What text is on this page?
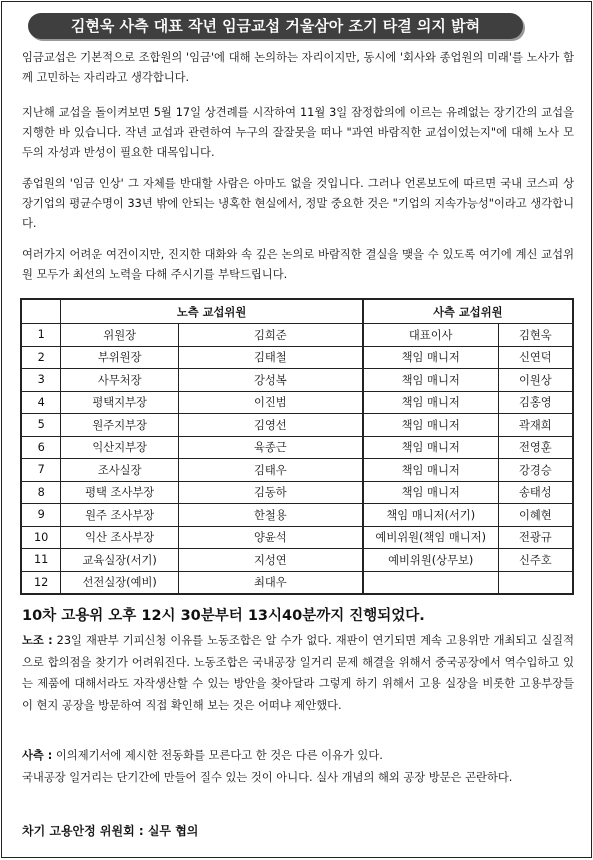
김현욱 사측 대표 작년 임금교섭 거울삼아 조기 타결 의지 밝혀
임금교섭은 기본적으로 조합원의 '임금'에 대해 논의하는 자리이지만, 동시에 '회사와 종업원의 미래'를 노사가 함께 고민하는 자리라고 생각합니다.
지난해 교섭을 돌이켜보면 5월 17일 상견례를 시작하여 11월 3일 잠정합의에 이르는 유례없는 장기간의 교섭을 지행한 바 있습니다. 작년 교섭과 관련하여 누구의 잘잘못을 떠나 "과연 바람직한 교섭이었는지"에 대해 노사 모두의 자성과 반성이 필요한 대목입니다.
종업원의 '임금 인상' 그 자체를 반대할 사람은 아마도 없을 것입니다. 그러나 언론보도에 따르면 국내 코스피 상장기업의 평균수명이 33년 밖에 안되는 냉혹한 현실에서, 정말 중요한 것은 "기업의 지속가능성"이라고 생각합니다.
여러가지 어려운 여건이지만, 진지한 대화와 속 깊은 논의로 바람직한 결실을 맺을 수 있도록 여기에 계신 교섭위원 모두가 최선의 노력을 다해 주시기를 부탁드립니다.
	노측 교섭위원		사측 교섭위원	
1	위원장	김희준	대표이사	김현욱
2	부위원장	김태철	책임 매니저	신연덕
3	사무처장	강성복	책임 매니저	이원상
4	평택지부장	이진범	책임 매니저	김홍영
5	원주지부장	김영선	책임 매니저	곽재희
6	익산지부장	육종근	책임 매니저	전영훈
7	조사실장	김태우	책임 매니저	강경승
8	평택 조사부장	김동하	책임 매니저	송태성
9	원주 조사부장	한철용	책임 매니저(서기)	이혜현
10	익산 조사부장	양윤석	예비위원(책임 매니저)	전광규
11	교육실장(서기)	지성연	예비위원(상무보)	신주호
12	선전실장(예비)	최대우		
10차 고용위 오후 12시 30분부터 13시40분까지 진행되었다.
노조 : 23일 재판부 기피신청 이유를 노동조합은 알 수가 없다. 재판이 연기되면 계속 고용위만 개최되고 실질적으로 합의점을 찾기가 어려워진다. 노동조합은 국내공장 일거리 문제 해결을 위해서 중국공장에서 역수입하고 있는 제품에 대해서라도 자작생산할 수 있는 방안을 찾아달라 그렇게 하기 위해서 고용 실장을 비롯한 고용부장들이 현지 공장을 방문하여 직접 확인해 보는 것은 어떠냐 제안했다.
사측 : 이의제기서에 제시한 전동화를 모른다고 한 것은 다른 이유가 있다.
국내공장 일거리는 단기간에 만들어 질수 있는 것이 아니다. 실사 개념의 해외 공장 방문은 곤란하다.
차기 고용안정 위원회 : 실무 협의
